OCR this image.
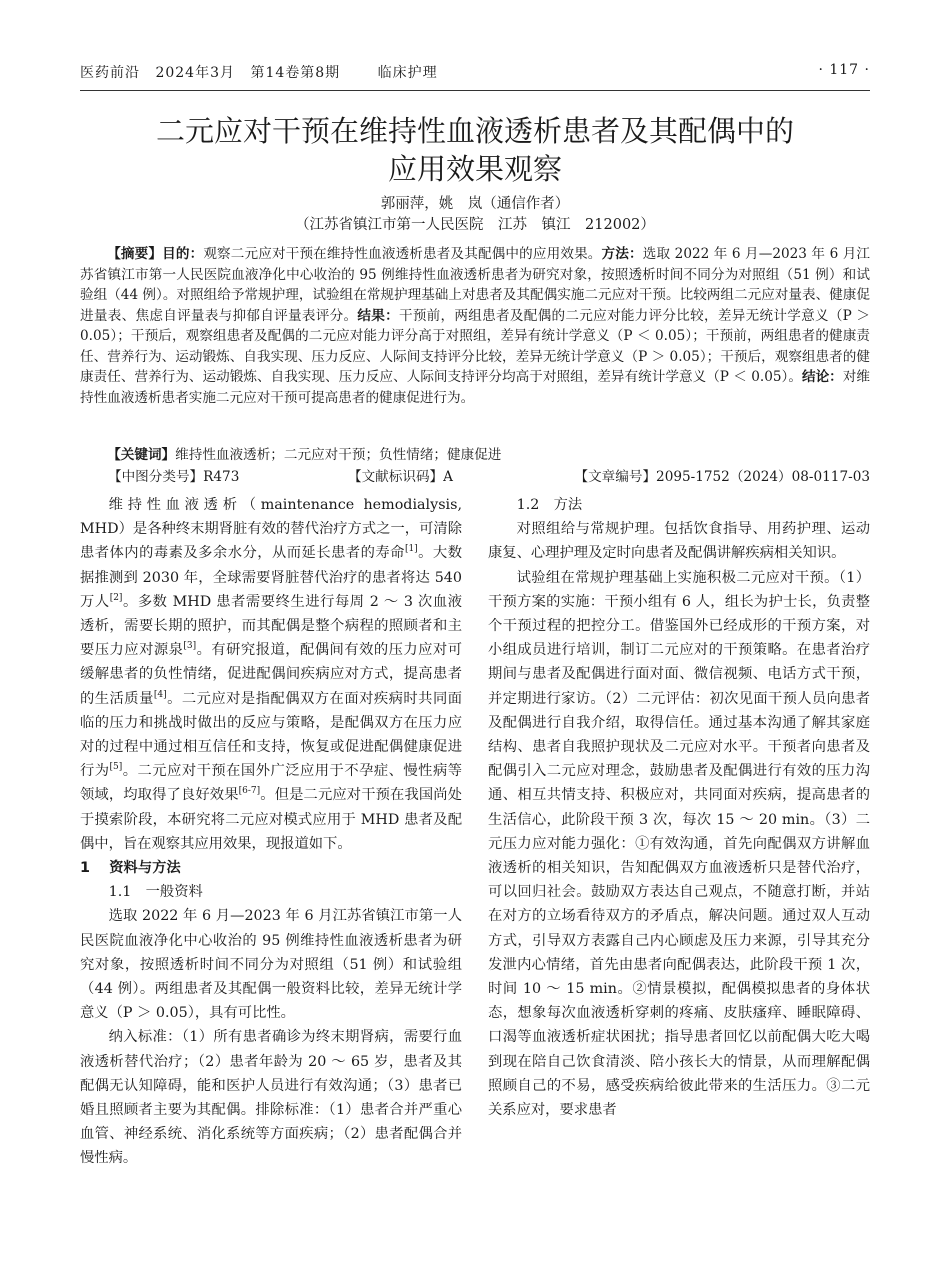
医药前沿 2024年3月 第14卷第8期	临床护理	· 117 ·
二元应对干预在维持性血液透析患者及其配偶中的
应用效果观察
郭丽萍，姚　岚（通信作者）
（江苏省镇江市第一人民医院　江苏　镇江　212002）

【摘要】目的：观察二元应对干预在维持性血液透析患者及其配偶中的应用效果。方法：选取 2022 年 6 月—2023 年 6 月江苏省镇江市第一人民医院血液净化中心收治的 95 例维持性血液透析患者为研究对象，按照透析时间不同分为对照组（51 例）和试验组（44 例）。对照组给予常规护理，试验组在常规护理基础上对患者及其配偶实施二元应对干预。比较两组二元应对量表、健康促进量表、焦虑自评量表与抑郁自评量表评分。结果：干预前，两组患者及配偶的二元应对能力评分比较，差异无统计学意义（P ＞ 0.05）；干预后，观察组患者及配偶的二元应对能力评分高于对照组，差异有统计学意义（P ＜ 0.05）；干预前，两组患者的健康责任、营养行为、运动锻炼、自我实现、压力反应、人际间支持评分比较，差异无统计学意义（P ＞ 0.05）；干预后，观察组患者的健康责任、营养行为、运动锻炼、自我实现、压力反应、人际间支持评分均高于对照组，差异有统计学意义（P ＜ 0.05）。结论：对维持性血液透析患者实施二元应对干预可提高患者的健康促进行为。

【关键词】维持性血液透析；二元应对干预；负性情绪；健康促进
【中图分类号】R473	【文献标识码】A	【文章编号】2095-1752（2024）08-0117-03

维持性血液透析（maintenance hemodialysis, MHD）是各种终末期肾脏有效的替代治疗方式之一，可清除患者体内的毒素及多余水分，从而延长患者的寿命[1]。大数据推测到 2030 年，全球需要肾脏替代治疗的患者将达 540 万人[2]。多数 MHD 患者需要终生进行每周 2 ～ 3 次血液透析，需要长期的照护，而其配偶是整个病程的照顾者和主要压力应对源泉[3]。有研究报道，配偶间有效的压力应对可缓解患者的负性情绪，促进配偶间疾病应对方式，提高患者的生活质量[4]。二元应对是指配偶双方在面对疾病时共同面临的压力和挑战时做出的反应与策略，是配偶双方在压力应对的过程中通过相互信任和支持，恢复或促进配偶健康促进行为[5]。二元应对干预在国外广泛应用于不孕症、慢性病等领域，均取得了良好效果[6-7]。但是二元应对干预在我国尚处于摸索阶段，本研究将二元应对模式应用于 MHD 患者及配偶中，旨在观察其应用效果，现报道如下。

1　 资料与方法

1.1　一般资料

选取 2022 年 6 月—2023 年 6 月江苏省镇江市第一人民医院血液净化中心收治的 95 例维持性血液透析患者为研究对象，按照透析时间不同分为对照组（51 例）和试验组（44 例）。两组患者及其配偶一般资料比较，差异无统计学意义（P ＞ 0.05），具有可比性。

纳入标准：（1）所有患者确诊为终末期肾病，需要行血液透析替代治疗；（2）患者年龄为 20 ～ 65 岁，患者及其配偶无认知障碍，能和医护人员进行有效沟通；（3）患者已婚且照顾者主要为其配偶。排除标准：（1）患者合并严重心血管、神经系统、消化系统等方面疾病；（2）患者配偶合并慢性病。

1.2　方法

对照组给与常规护理。包括饮食指导、用药护理、运动康复、心理护理及定时向患者及配偶讲解疾病相关知识。

试验组在常规护理基础上实施积极二元应对干预。（1）干预方案的实施：干预小组有 6 人，组长为护士长，负责整个干预过程的把控分工。借鉴国外已经成形的干预方案，对小组成员进行培训，制订二元应对的干预策略。在患者治疗期间与患者及配偶进行面对面、微信视频、电话方式干预，并定期进行家访。（2）二元评估：初次见面干预人员向患者及配偶进行自我介绍，取得信任。通过基本沟通了解其家庭结构、患者自我照护现状及二元应对水平。干预者向患者及配偶引入二元应对理念，鼓励患者及配偶进行有效的压力沟通、相互共情支持、积极应对，共同面对疾病，提高患者的生活信心，此阶段干预 3 次，每次 15 ～ 20 min。（3）二元压力应对能力强化：①有效沟通，首先向配偶双方讲解血液透析的相关知识，告知配偶双方血液透析只是替代治疗，可以回归社会。鼓励双方表达自己观点，不随意打断，并站在对方的立场看待双方的矛盾点，解决问题。通过双人互动方式，引导双方表露自己内心顾虑及压力来源，引导其充分发泄内心情绪，首先由患者向配偶表达，此阶段干预 1 次，时间 10 ～ 15 min。②情景模拟，配偶模拟患者的身体状态，想象每次血液透析穿刺的疼痛、皮肤瘙痒、睡眠障碍、口渴等血液透析症状困扰；指导患者回忆以前配偶大吃大喝到现在陪自己饮食清淡、陪小孩长大的情景，从而理解配偶照顾自己的不易，感受疾病给彼此带来的生活压力。③二元关系应对，要求患者
